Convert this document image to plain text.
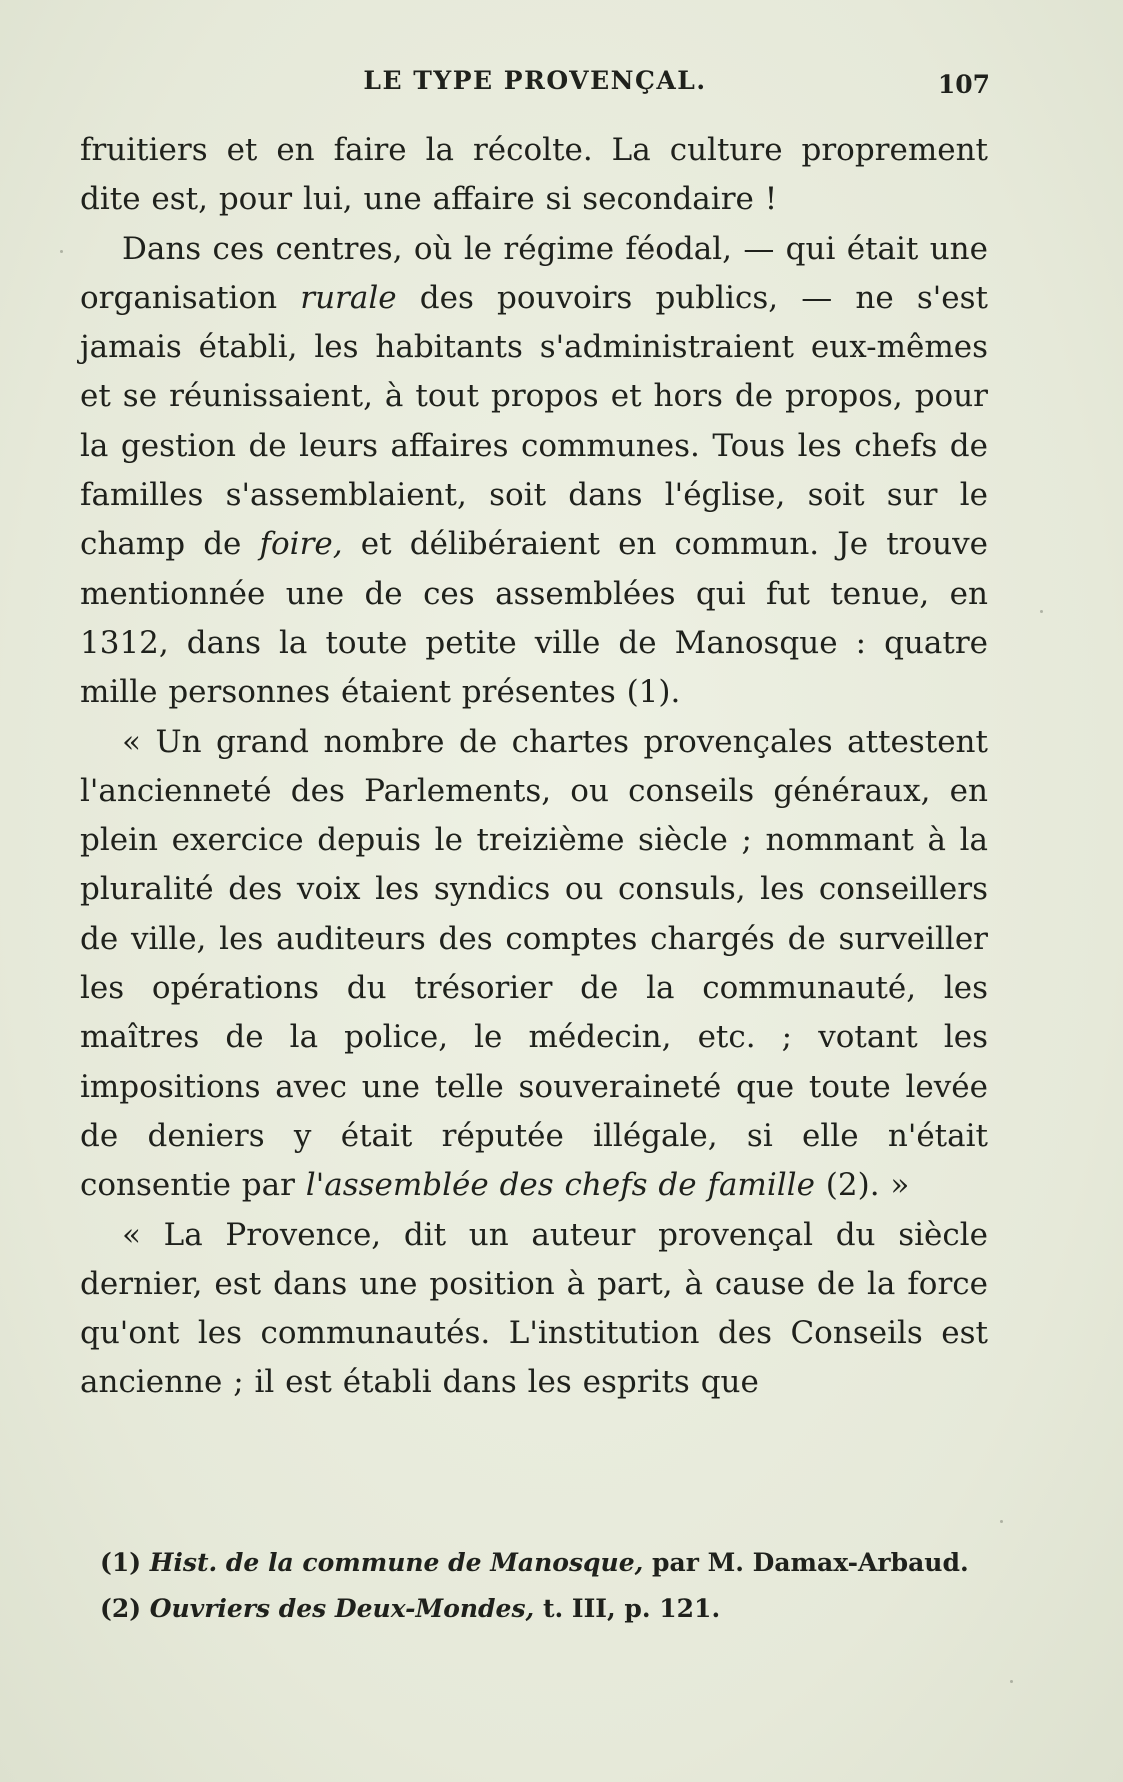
LE TYPE PROVENÇAL.	107

fruitiers et en faire la récolte. La culture proprement dite est, pour lui, une affaire si secondaire !

Dans ces centres, où le régime féodal, — qui était une organisation rurale des pouvoirs publics, — ne s'est jamais établi, les habitants s'administraient eux-mêmes et se réunissaient, à tout propos et hors de propos, pour la gestion de leurs affaires communes. Tous les chefs de familles s'assemblaient, soit dans l'église, soit sur le champ de foire, et délibéraient en commun. Je trouve mentionnée une de ces assemblées qui fut tenue, en 1312, dans la toute petite ville de Manosque : quatre mille personnes étaient présentes (1).

« Un grand nombre de chartes provençales attestent l'ancienneté des Parlements, ou conseils généraux, en plein exercice depuis le treizième siècle ; nommant à la pluralité des voix les syndics ou consuls, les conseillers de ville, les auditeurs des comptes chargés de surveiller les opérations du trésorier de la communauté, les maîtres de la police, le médecin, etc. ; votant les impositions avec une telle souveraineté que toute levée de deniers y était réputée illégale, si elle n'était consentie par l'assemblée des chefs de famille (2). »

« La Provence, dit un auteur provençal du siècle dernier, est dans une position à part, à cause de la force qu'ont les communautés. L'institution des Conseils est ancienne ; il est établi dans les esprits que

(1) Hist. de la commune de Manosque, par M. Damax-Arbaud.

(2) Ouvriers des Deux-Mondes, t. III, p. 121.
